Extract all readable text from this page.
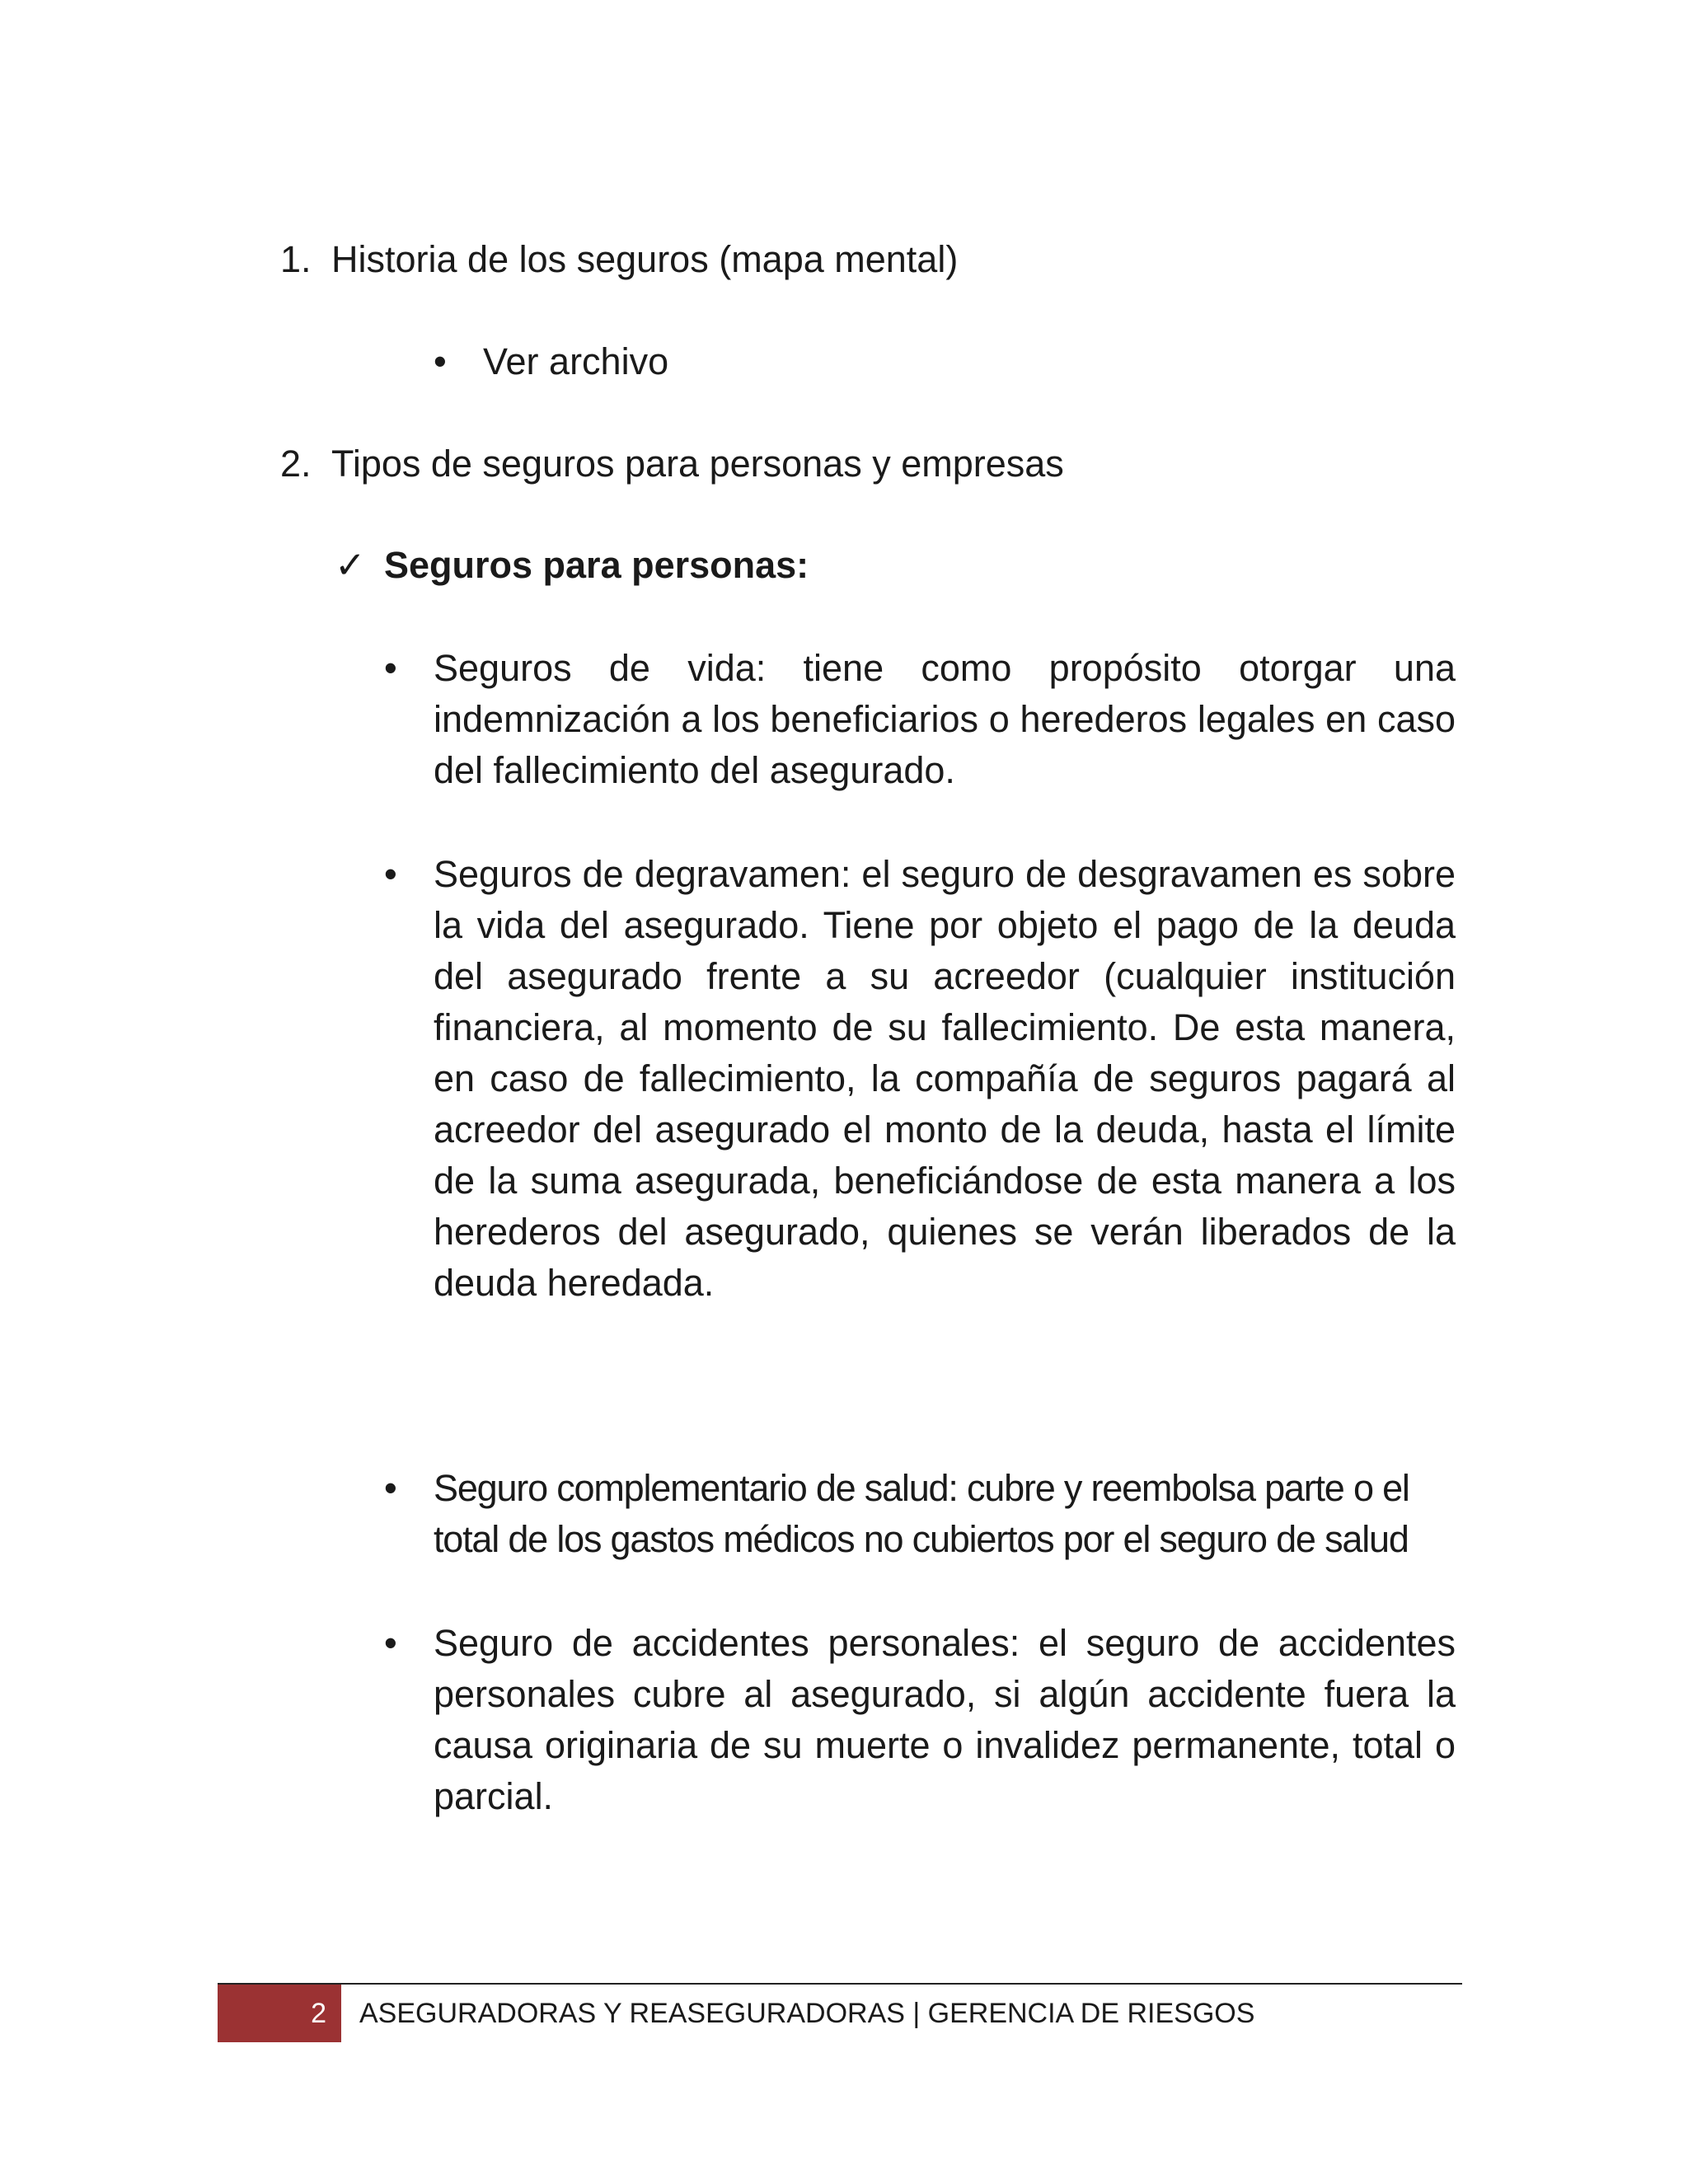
1. Historia de los seguros (mapa mental)
• Ver archivo
2. Tipos de seguros para personas y empresas
✓ Seguros para personas:
• Seguros de vida: tiene como propósito otorgar una indemnización a los beneficiarios o herederos legales en caso del fallecimiento del asegurado.
• Seguros de degravamen: el seguro de desgravamen es sobre la vida del asegurado. Tiene por objeto el pago de la deuda del asegurado frente a su acreedor (cualquier institución financiera, al momento de su fallecimiento. De esta manera, en caso de fallecimiento, la compañía de seguros pagará al acreedor del asegurado el monto de la deuda, hasta el límite de la suma asegurada, beneficiándose de esta manera a los herederos del asegurado, quienes se verán liberados de la deuda heredada.
• Seguro complementario de salud: cubre y reembolsa parte o el total de los gastos médicos no cubiertos por el seguro de salud
• Seguro de accidentes personales: el seguro de accidentes personales cubre al asegurado, si algún accidente fuera la causa originaria de su muerte o invalidez permanente, total o parcial.
2	ASEGURADORAS Y REASEGURADORAS | GERENCIA DE RIESGOS
